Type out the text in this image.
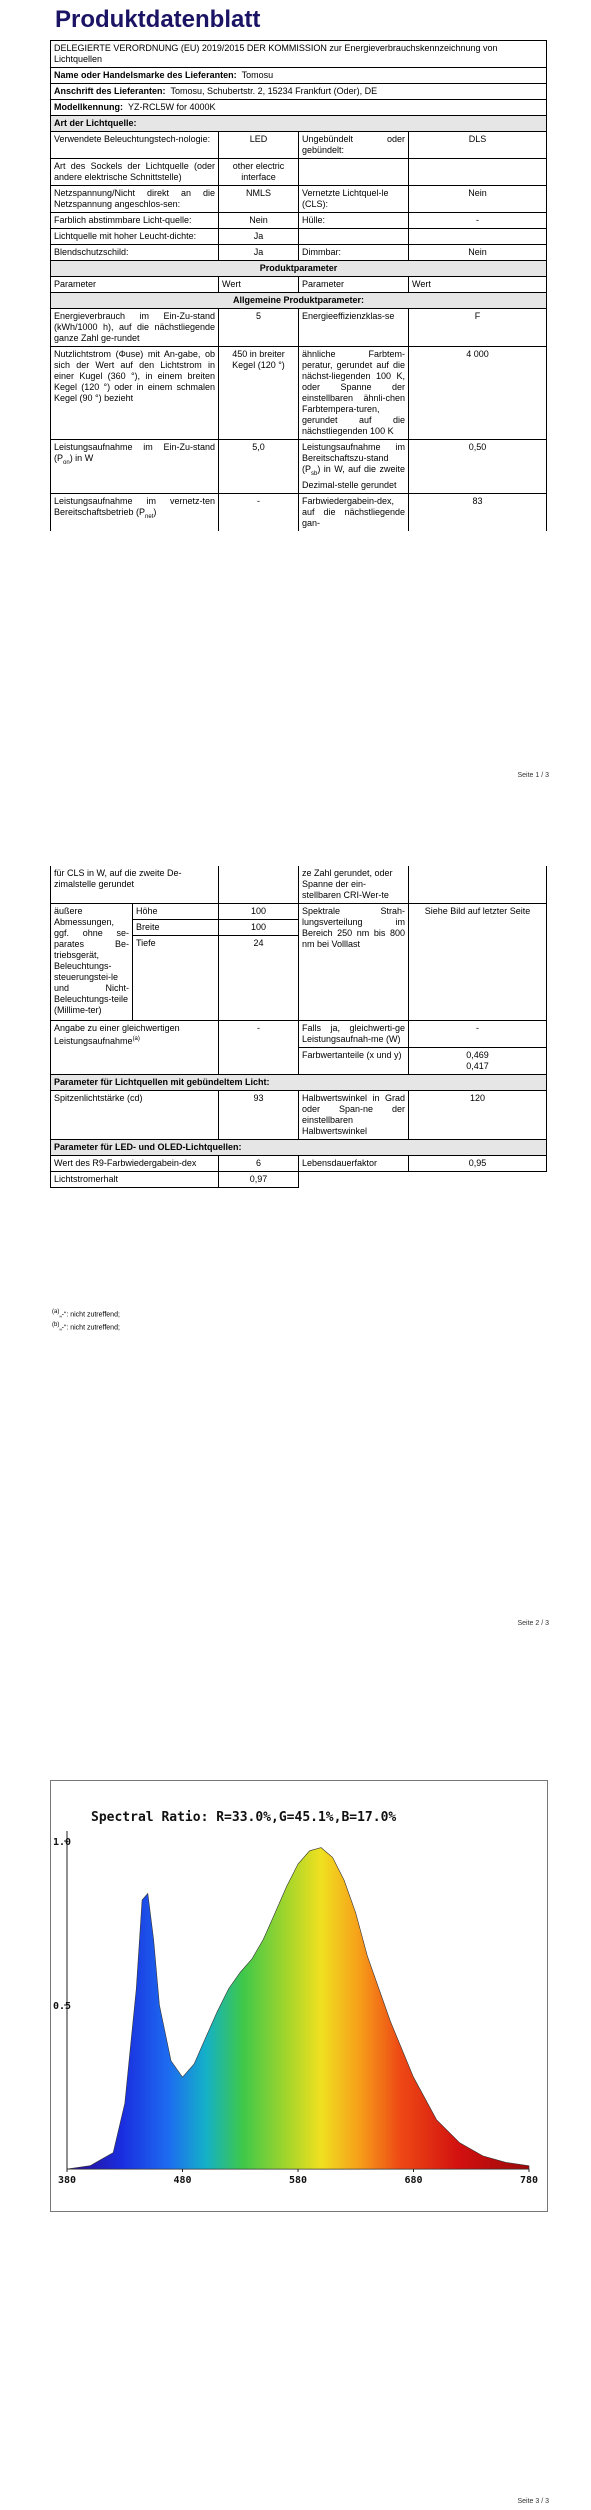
Produktdatenblatt
DELEGIERTE VERORDNUNG (EU) 2019/2015 DER KOMMISSION zur Energieverbrauchskennzeichnung von Lichtquellen			
Name oder Handelsmarke des Lieferanten: Tomosu			
Anschrift des Lieferanten: Tomosu, Schubertstr. 2, 15234 Frankfurt (Oder), DE			
Modellkennung: YZ-RCL5W for 4000K			
Art der Lichtquelle:			
Verwendete Beleuchtungstech-nologie:	LED	Ungebündelt oder gebündelt:	DLS
Art des Sockels der Lichtquelle (oder andere elektrische Schnittstelle)	other electric interface		
Netzspannung/Nicht direkt an die Netzspannung angeschlos-sen:	NMLS	Vernetzte Lichtquel-le (CLS):	Nein
Farblich abstimmbare Licht-quelle:	Nein	Hülle:	-
Lichtquelle mit hoher Leucht-dichte:	Ja		
Blendschutzschild:	Ja	Dimmbar:	Nein
Produktparameter			
Parameter	Wert	Parameter	Wert
Allgemeine Produktparameter:			
Energieverbrauch im Ein-Zu-stand (kWh/1000 h), auf die nächstliegende ganze Zahl ge-rundet	5	Energieeffizienzklas-se	F
Nutzlichtstrom (Φuse) mit An-gabe, ob sich der Wert auf den Lichtstrom in einer Kugel (360 °), in einem breiten Kegel (120 °) oder in einem schmalen Kegel (90 °) bezieht	450 in breiter Kegel (120 °)	ähnliche Farbtem-peratur, gerundet auf die nächst-liegenden 100 K, oder Spanne der einstellbaren ähnli-chen Farbtempera-turen, gerundet auf die nächstliegenden 100 K	4 000
Leistungsaufnahme im Ein-Zu-stand $(P_{on})$ in W	5,0	Leistungsaufnahme im Bereitschaftszu-stand $(P_{sb})$ in W, auf die zweite Dezimal-stelle gerundet	0,50
Leistungsaufnahme im vernetz-ten Bereitschaftsbetrieb $(P_{net})$	-	Farbwiedergabein-dex, auf die nächstliegende gan-	83
Seite 1 / 3
für CLS in W, auf die zweite De-zimalstelle gerundet			ze Zahl gerundet, oder Spanne der ein-stellbaren CRI-Wer-te	
äußere Abmessungen, ggf. ohne se-parates Be-triebsgerät, Beleuchtungs-steuerungstei-le und Nicht-Beleuchtungs-teile (Millime-ter)	Höhe	100	Spektrale Strah-lungsverteilung im Bereich 250 nm bis 800 nm bei Volllast	Siehe Bild auf letzter Seite
	Breite	100		
	Tiefe	24		
Angabe zu einer gleichwertigen Leistungsaufnahme$^{(a)}$		-	Falls ja, gleichwerti-ge Leistungsaufnah-me (W)	-
			Farbwertanteile (x und y)	0,469
0,417
Parameter für Lichtquellen mit gebündeltem Licht:				
Spitzenlichtstärke (cd)		93	Halbwertswinkel in Grad oder Span-ne der einstellbaren Halbwertswinkel	120
Parameter für LED- und OLED-Lichtquellen:				
Wert des R9-Farbwiedergabein-dex		6	Lebensdauerfaktor	0,95
Lichtstromerhalt		0,97		
$^{(a)}$„-“: nicht zutreffend;
$^{(b)}$„-“: nicht zutreffend;
Seite 2 / 3
Spectral Ratio: R=33.0%,G=45.1%,B=17.0%
0.5
1.0
380	480	580	680	780
Seite 3 / 3
